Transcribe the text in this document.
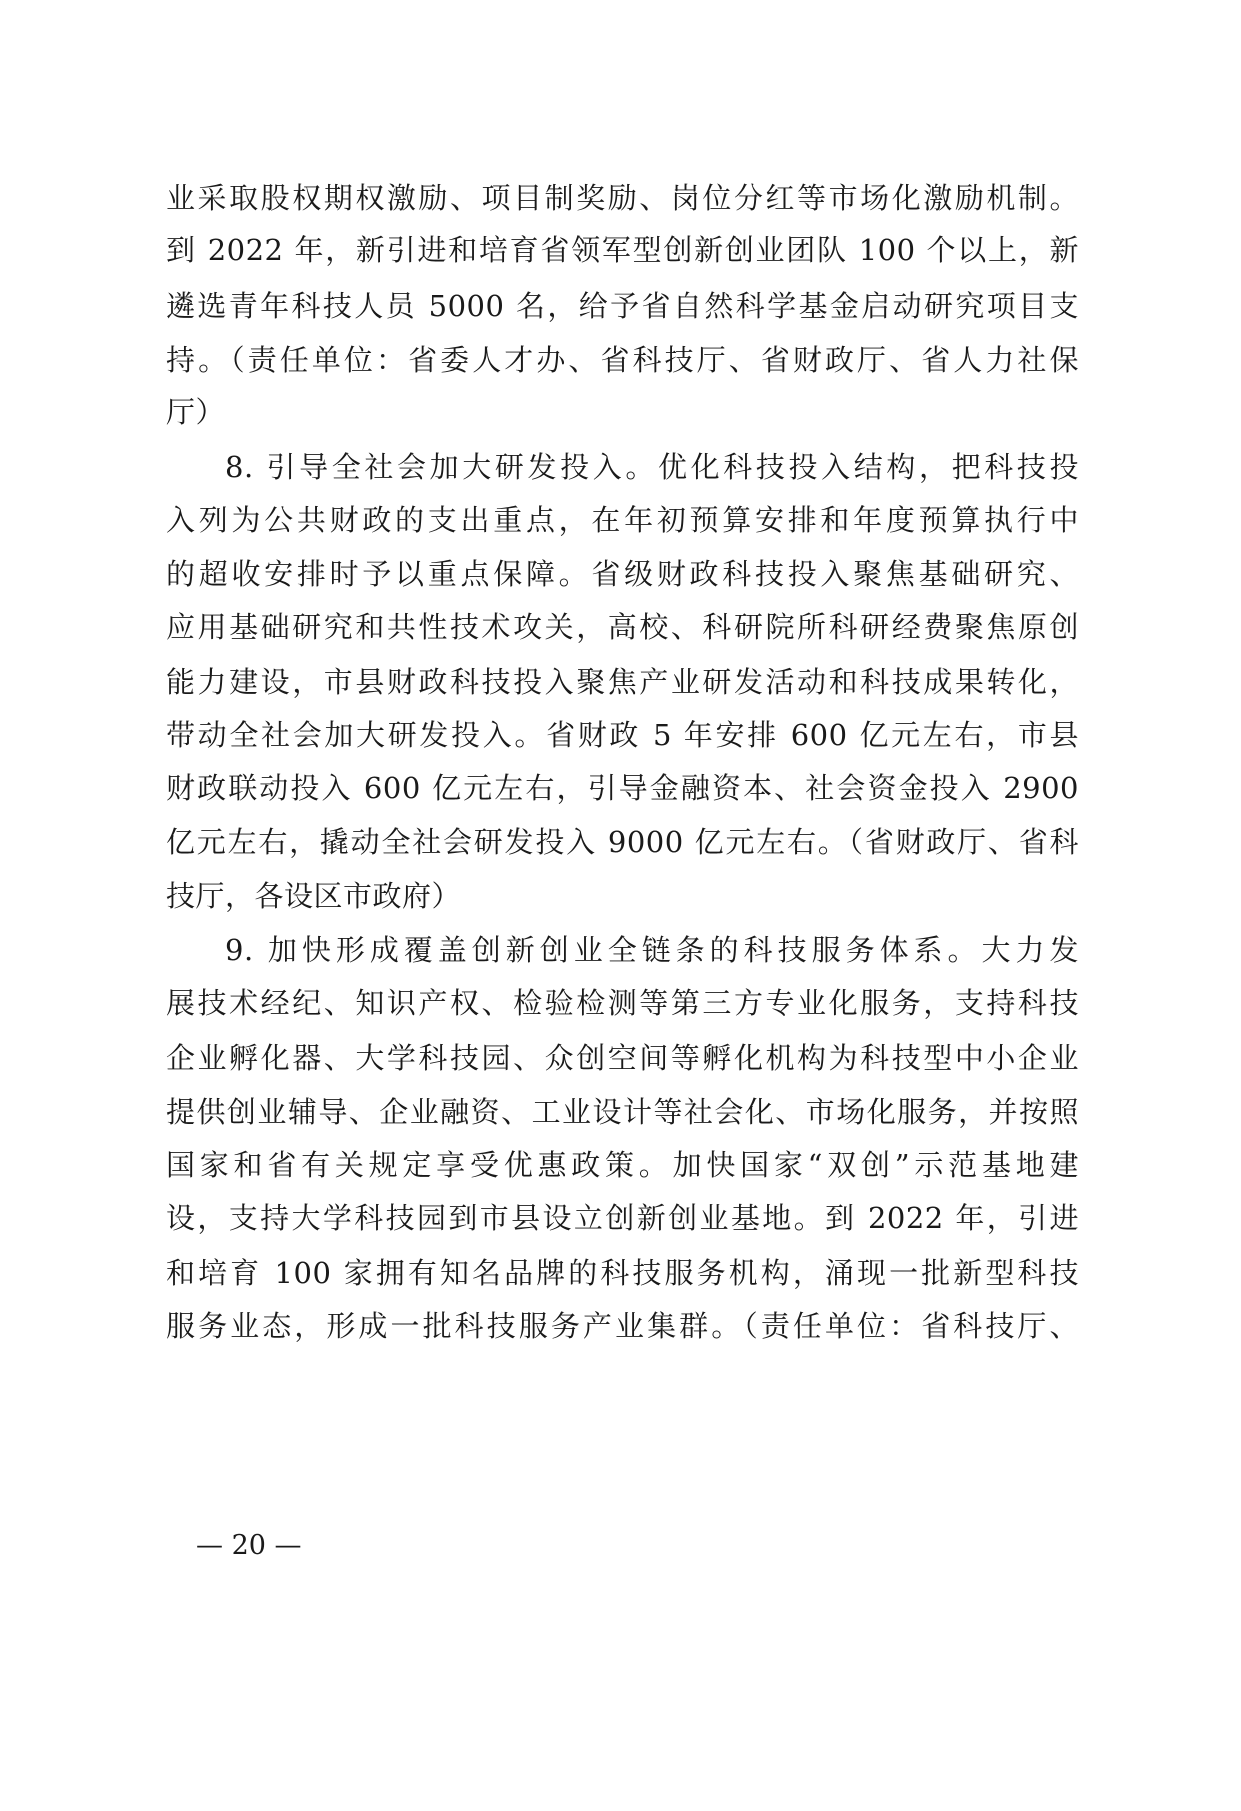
业采取股权期权激励、项目制奖励、岗位分红等市场化激励机制。
到 2022 年，新引进和培育省领军型创新创业团队 100 个以上，新
遴选青年科技人员 5000 名，给予省自然科学基金启动研究项目支
持。（责任单位：省委人才办、省科技厅、省财政厅、省人力社保
厅）
8. 引导全社会加大研发投入。优化科技投入结构，把科技投
入列为公共财政的支出重点，在年初预算安排和年度预算执行中
的超收安排时予以重点保障。省级财政科技投入聚焦基础研究、
应用基础研究和共性技术攻关，高校、科研院所科研经费聚焦原创
能力建设，市县财政科技投入聚焦产业研发活动和科技成果转化，
带动全社会加大研发投入。省财政 5 年安排 600 亿元左右，市县
财政联动投入 600 亿元左右，引导金融资本、社会资金投入 2900
亿元左右，撬动全社会研发投入 9000 亿元左右。（省财政厅、省科
技厅，各设区市政府）
9. 加快形成覆盖创新创业全链条的科技服务体系。大力发
展技术经纪、知识产权、检验检测等第三方专业化服务，支持科技
企业孵化器、大学科技园、众创空间等孵化机构为科技型中小企业
提供创业辅导、企业融资、工业设计等社会化、市场化服务，并按照
国家和省有关规定享受优惠政策。加快国家“双创”示范基地建
设，支持大学科技园到市县设立创新创业基地。到 2022 年，引进
和培育 100 家拥有知名品牌的科技服务机构，涌现一批新型科技
服务业态，形成一批科技服务产业集群。（责任单位：省科技厅、
— 20 —
